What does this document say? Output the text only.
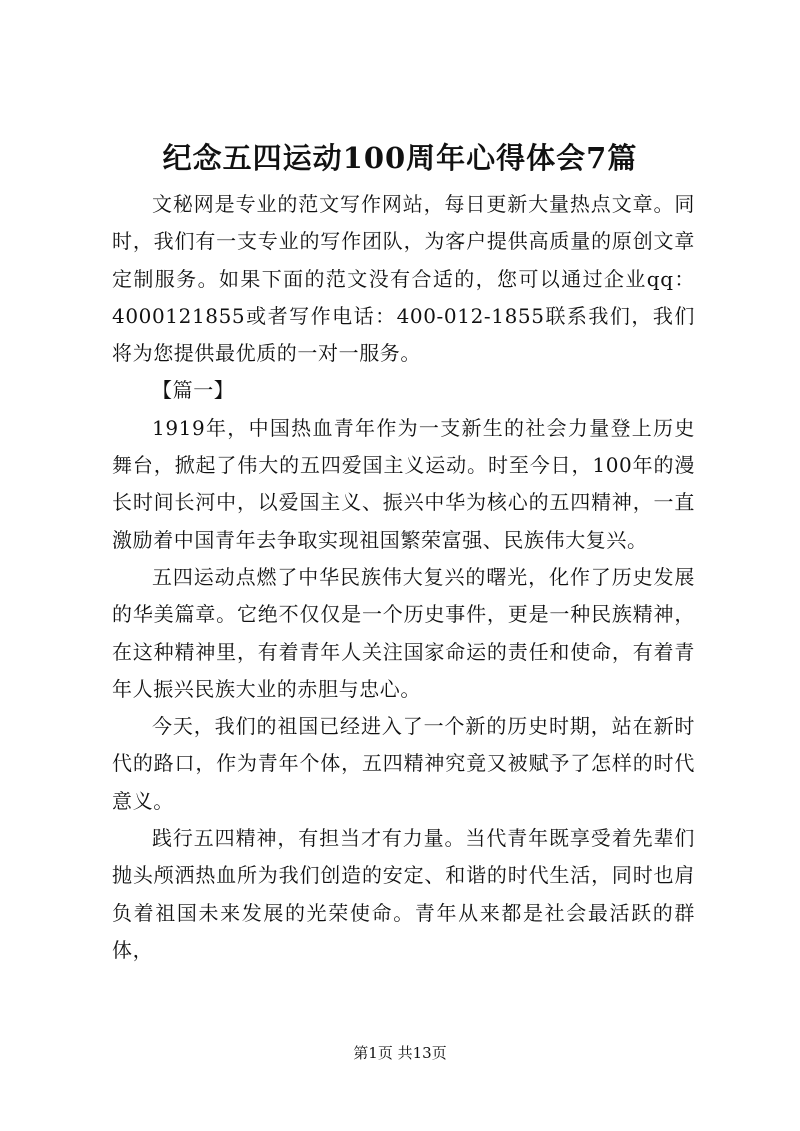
纪念五四运动100周年心得体会7篇

文秘网是专业的范文写作网站，每日更新大量热点文章。同时，我们有一支专业的写作团队，为客户提供高质量的原创文章定制服务。如果下面的范文没有合适的，您可以通过企业qq：4000121855或者写作电话：400-012-1855联系我们，我们将为您提供最优质的一对一服务。

【篇一】

1919年，中国热血青年作为一支新生的社会力量登上历史舞台，掀起了伟大的五四爱国主义运动。时至今日，100年的漫长时间长河中，以爱国主义、振兴中华为核心的五四精神，一直激励着中国青年去争取实现祖国繁荣富强、民族伟大复兴。

五四运动点燃了中华民族伟大复兴的曙光，化作了历史发展的华美篇章。它绝不仅仅是一个历史事件，更是一种民族精神，在这种精神里，有着青年人关注国家命运的责任和使命，有着青年人振兴民族大业的赤胆与忠心。

今天，我们的祖国已经进入了一个新的历史时期，站在新时代的路口，作为青年个体，五四精神究竟又被赋予了怎样的时代意义。

践行五四精神，有担当才有力量。当代青年既享受着先辈们抛头颅洒热血所为我们创造的安定、和谐的时代生活，同时也肩负着祖国未来发展的光荣使命。青年从来都是社会最活跃的群体，

第1页 共13页
